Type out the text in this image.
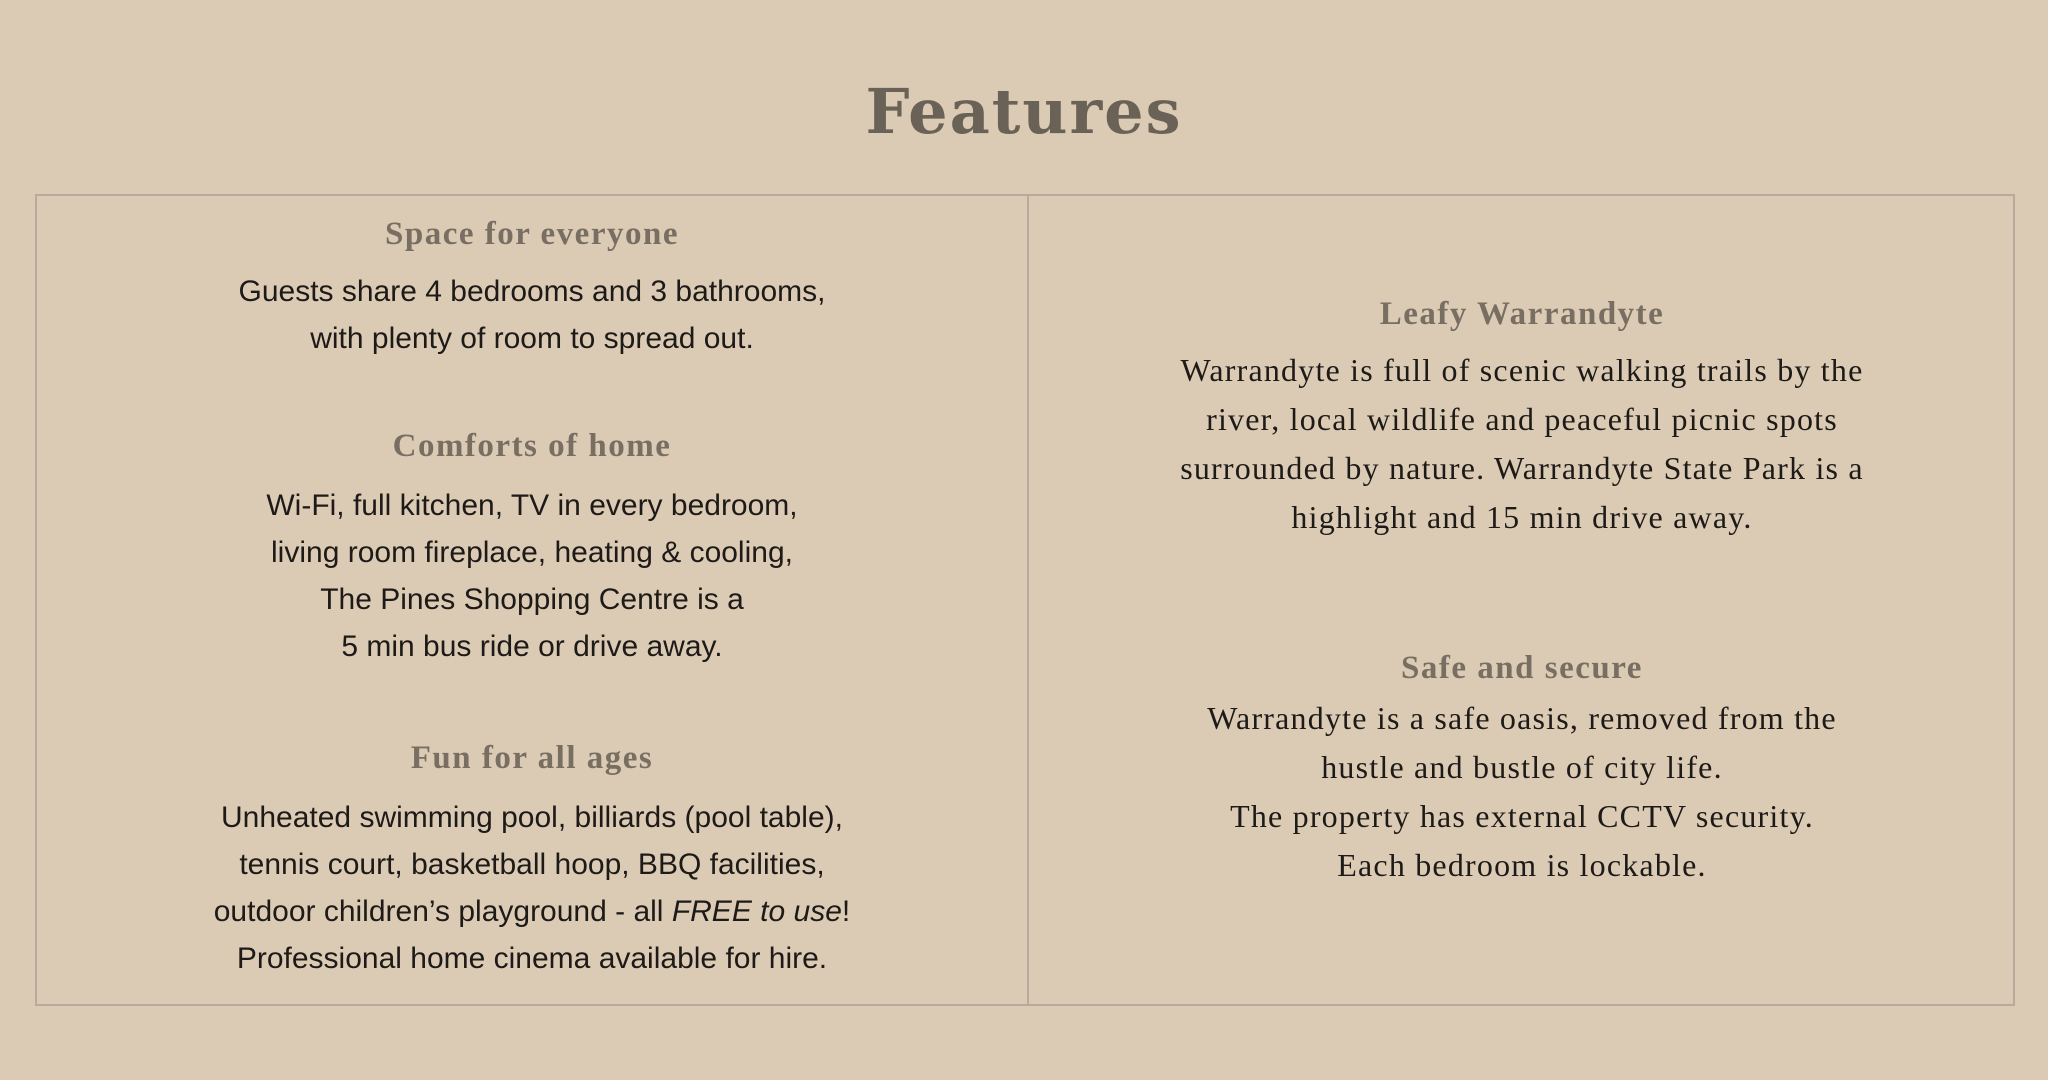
Features
Space for everyone

Guests share 4 bedrooms and 3 bathrooms,
with plenty of room to spread out.

Comforts of home

Wi-Fi, full kitchen, TV in every bedroom,
living room fireplace, heating & cooling,
The Pines Shopping Centre is a
5 min bus ride or drive away.

Fun for all ages

Unheated swimming pool, billiards (pool table),
tennis court, basketball hoop, BBQ facilities,
outdoor children’s playground - all FREE to use!
Professional home cinema available for hire.

Leafy Warrandyte

Warrandyte is full of scenic walking trails by the
river, local wildlife and peaceful picnic spots
surrounded by nature. Warrandyte State Park is a
highlight and 15 min drive away.

Safe and secure

Warrandyte is a safe oasis, removed from the
hustle and bustle of city life.
The property has external CCTV security.
Each bedroom is lockable.
